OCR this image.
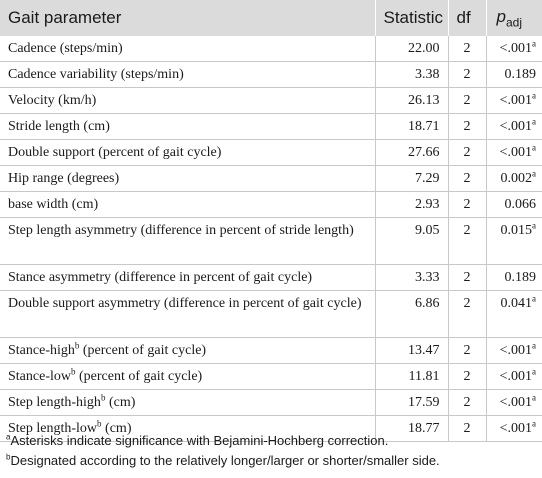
Gait parameter	Statistic	df	$p_{adj}$
Cadence (steps/min)	22.00	2	<.001$^a$
Cadence variability (steps/min)	3.38	2	0.189
Velocity (km/h)	26.13	2	<.001$^a$
Stride length (cm)	18.71	2	<.001$^a$
Double support (percent of gait cycle)	27.66	2	<.001$^a$
Hip range (degrees)	7.29	2	0.002$^a$
base width (cm)	2.93	2	0.066
Step length asymmetry (difference in percent of stride length)	9.05	2	0.015$^a$
Stance asymmetry (difference in percent of gait cycle)	3.33	2	0.189
Double support asymmetry (difference in percent of gait cycle)	6.86	2	0.041$^a$
Stance-high$^b$ (percent of gait cycle)	13.47	2	<.001$^a$
Stance-low$^b$ (percent of gait cycle)	11.81	2	<.001$^a$
Step length-high$^b$ (cm)	17.59	2	<.001$^a$
Step length-low$^b$ (cm)	18.77	2	<.001$^a$
$^a$Asterisks indicate significance with Bejamini-Hochberg correction.
$^b$Designated according to the relatively longer/larger or shorter/smaller side.
